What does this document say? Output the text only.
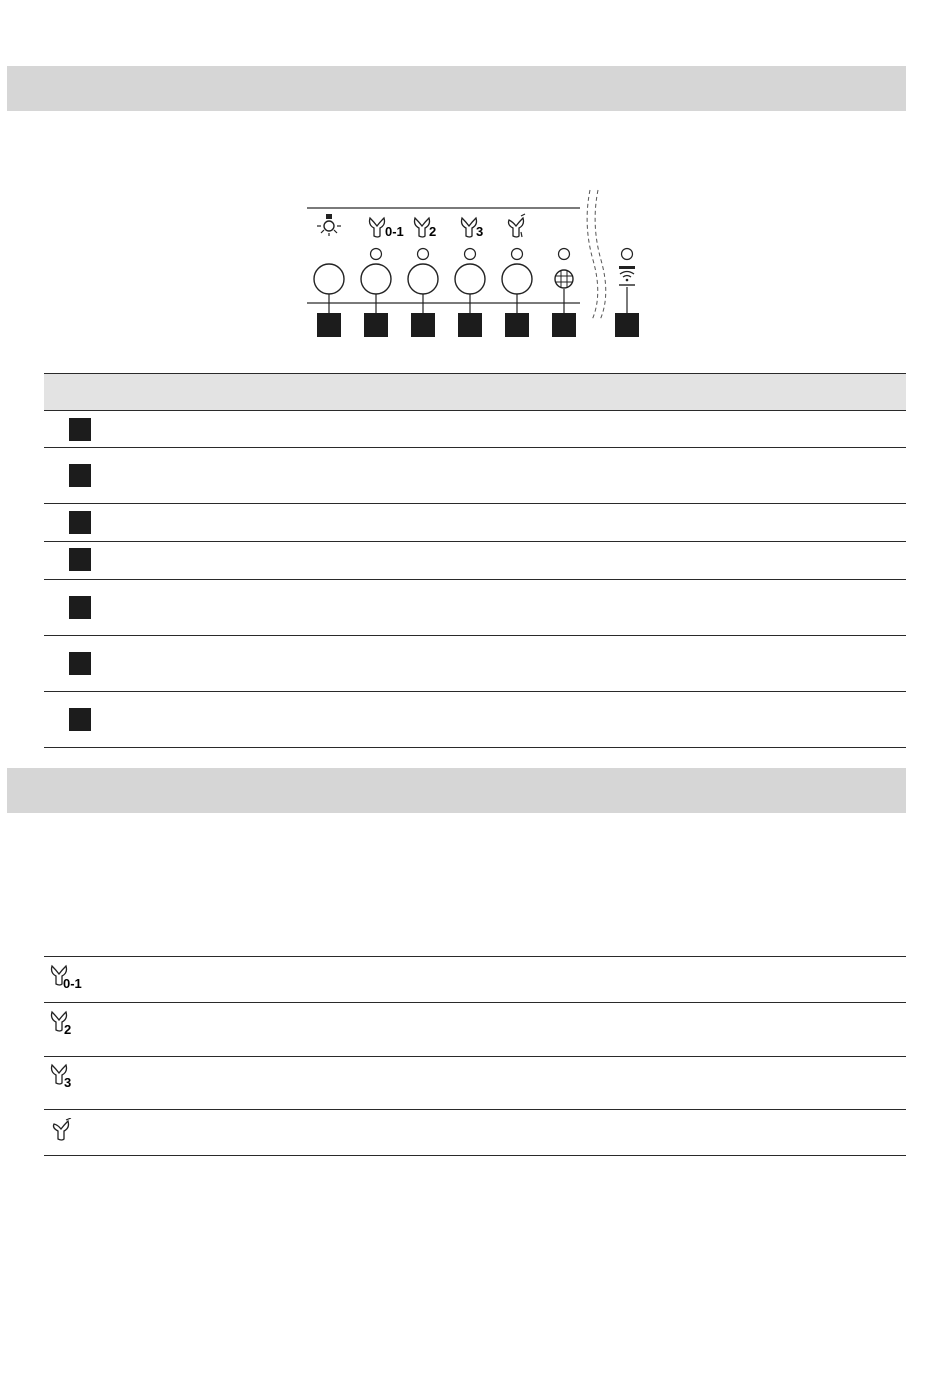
0-1 2	3
0-1
2
3
